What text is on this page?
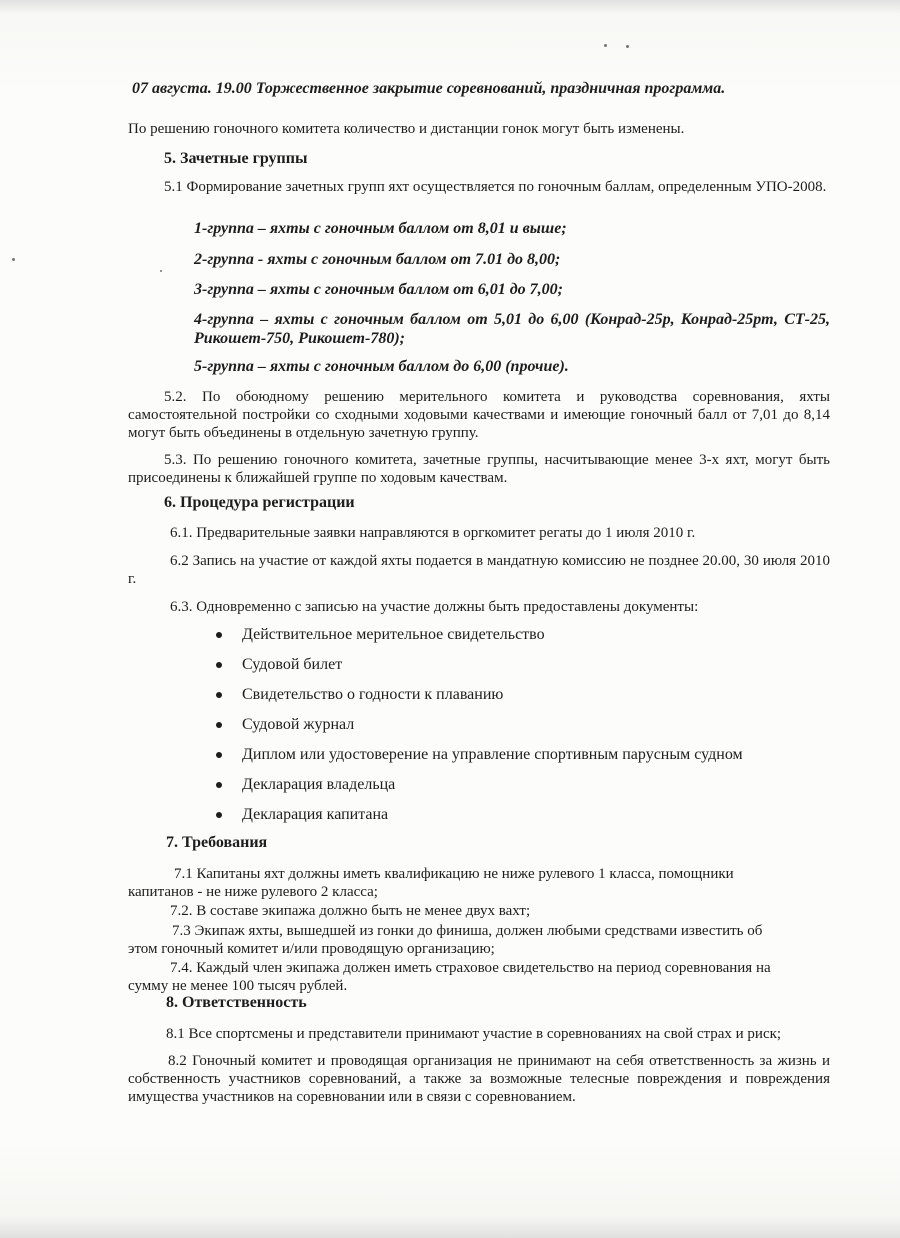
07 августа. 19.00 Торжественное закрытие соревнований, праздничная программа.
По решению гоночного комитета количество и дистанции гонок могут быть изменены.
5. Зачетные группы
5.1 Формирование зачетных групп яхт осуществляется по гоночным баллам, определенным УПО-2008.
1-группа – яхты с гоночным баллом от 8,01 и выше;
2-группа - яхты с гоночным баллом от 7.01 до 8,00;
3-группа – яхты с гоночным баллом от 6,01 до 7,00;
4-группа – яхты с гоночным баллом от 5,01 до 6,00 (Конрад-25р, Конрад-25рт, СТ-25, Рикошет-750, Рикошет-780);
5-группа – яхты с гоночным баллом до 6,00 (прочие).
5.2. По обоюдному решению мерительного комитета и руководства соревнования, яхты самостоятельной постройки со сходными ходовыми качествами и имеющие гоночный балл от 7,01 до 8,14 могут быть объединены в отдельную зачетную группу.
5.3. По решению гоночного комитета, зачетные группы, насчитывающие менее 3-х яхт, могут быть присоединены к ближайшей группе по ходовым качествам.
6. Процедура регистрации
6.1. Предварительные заявки направляются в оргкомитет регаты до 1 июля 2010 г.
6.2 Запись на участие от каждой яхты подается в мандатную комиссию не позднее 20.00, 30 июля 2010 г.
6.3. Одновременно с записью на участие должны быть предоставлены документы:
Действительное мерительное свидетельство
Судовой билет
Свидетельство о годности к плаванию
Судовой журнал
Диплом или удостоверение на управление спортивным парусным судном
Декларация владельца
Декларация капитана
7. Требования
7.1 Капитаны яхт должны иметь квалификацию не ниже рулевого 1 класса, помощники
капитанов - не ниже рулевого 2 класса;
7.2. В составе экипажа должно быть не менее двух вахт;
7.3 Экипаж яхты, вышедшей из гонки до финиша, должен любыми средствами известить об
этом гоночный комитет и/или проводящую организацию;
7.4. Каждый член экипажа должен иметь страховое свидетельство на период соревнования на
сумму не менее 100 тысяч рублей.
8. Ответственность
8.1 Все спортсмены и представители принимают участие в соревнованиях на свой страх и риск;
8.2 Гоночный комитет и проводящая организация не принимают на себя ответственность за жизнь и собственность участников соревнований, а также за возможные телесные повреждения и повреждения имущества участников на соревновании или в связи с соревнованием.
